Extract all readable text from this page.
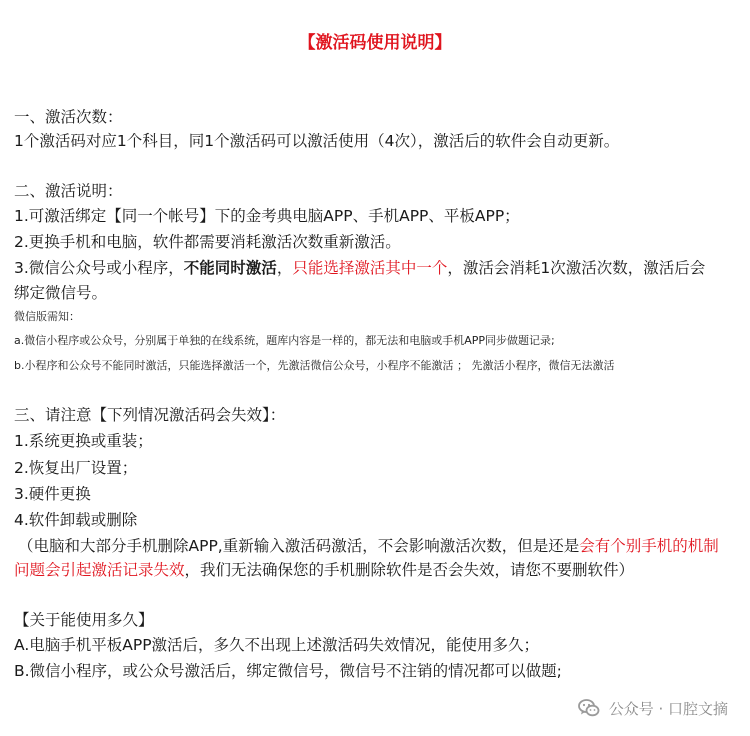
【激活码使用说明】
一、激活次数：
1个激活码对应1个科目，同1个激活码可以激活使用（4次），激活后的软件会自动更新。
二、激活说明：
1.可激活绑定【同一个帐号】下的金考典电脑APP、手机APP、平板APP；
2.更换手机和电脑，软件都需要消耗激活次数重新激活。
3.微信公众号或小程序，不能同时激活，只能选择激活其中一个，激活会消耗1次激活次数，激活后会
绑定微信号。
微信版需知：
a.微信小程序或公众号，分别属于单独的在线系统，题库内容是一样的，都无法和电脑或手机APP同步做题记录;
b.小程序和公众号不能同时激活，只能选择激活一个，先激活微信公众号，小程序不能激活 ； 先激活小程序，微信无法激活
三、请注意【下列情况激活码会失效】：
1.系统更换或重装；
2.恢复出厂设置；
3.硬件更换
4.软件卸载或删除
（电脑和大部分手机删除APP,重新输入激活码激活，不会影响激活次数，但是还是会有个别手机的机制
问题会引起激活记录失效，我们无法确保您的手机删除软件是否会失效，请您不要删软件）
【关于能使用多久】
A.电脑手机平板APP激活后，多久不出现上述激活码失效情况，能使用多久；
B.微信小程序，或公众号激活后，绑定微信号，微信号不注销的情况都可以做题;
公众号 · 口腔文摘
